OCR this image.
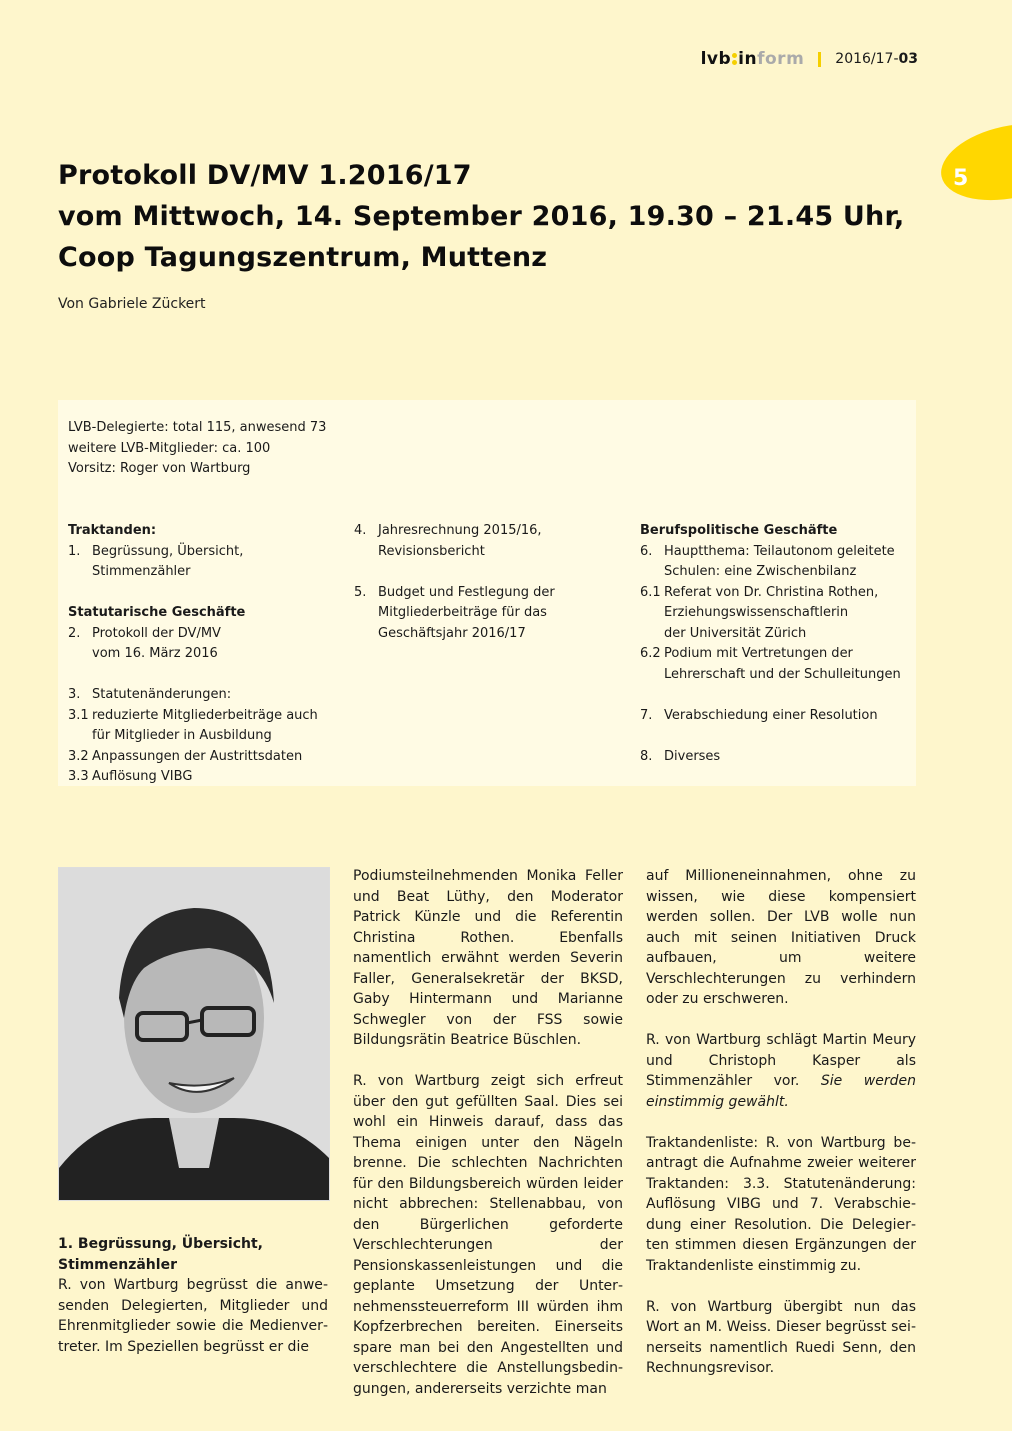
lvb in form 2016/17-03
5
Protokoll DV/MV 1.2016/17
vom Mittwoch, 14. September 2016, 19.30 – 21.45 Uhr,
Coop Tagungszentrum, Muttenz
Von Gabriele Zückert
LVB-Delegierte: total 115, anwesend 73
weitere LVB-Mitglieder: ca. 100
Vorsitz: Roger von Wartburg
Traktanden:
1. Begrüssung, Übersicht,
Stimmenzähler
Statutarische Geschäfte
2. Protokoll der DV/MV
vom 16. März 2016
3. Statutenänderungen:
3.1 reduzierte Mitgliederbeiträge auch
für Mitglieder in Ausbildung
3.2 Anpassungen der Austrittsdaten
3.3 Auflösung VIBG
4. Jahresrechnung 2015/16,
Revisionsbericht
5. Budget und Festlegung der
Mitgliederbeiträge für das
Geschäftsjahr 2016/17
Berufspolitische Geschäfte
6. Hauptthema: Teilautonom geleitete
Schulen: eine Zwischenbilanz
6.1 Referat von Dr. Christina Rothen,
Erziehungswissenschaftlerin
der Universität Zürich
6.2 Podium mit Vertretungen der
Lehrerschaft und der Schulleitungen
7. Verabschiedung einer Resolution
8. Diverses
1. Begrüssung, Übersicht,
Stimmenzähler

R. von Wartburg begrüsst die anwesenden Delegierten, Mitglieder und Ehrenmitglieder sowie die Medienvertreter. Im Speziellen begrüsst er die

Podiumsteilnehmenden Monika Feller und Beat Lüthy, den Moderator Patrick Künzle und die Referentin Christina Rothen. Ebenfalls namentlich erwähnt werden Severin Faller, Generalsekretär der BKSD, Gaby Hintermann und Marianne Schwegler von der FSS sowie Bildungsrätin Beatrice Büschlen.

R. von Wartburg zeigt sich erfreut über den gut gefüllten Saal. Dies sei wohl ein Hinweis darauf, dass das Thema einigen unter den Nägeln brenne. Die schlechten Nachrichten für den Bildungsbereich würden leider nicht abbrechen: Stellenabbau, von den Bürgerlichen geforderte Verschlechterungen der Pensionskassenleistungen und die geplante Umsetzung der Unternehmenssteuerreform III würden ihm Kopfzerbrechen bereiten. Einerseits spare man bei den Angestellten und verschlechtere die Anstellungsbedingungen, andererseits verzichte man

auf Millioneneinnahmen, ohne zu wissen, wie diese kompensiert werden sollen. Der LVB wolle nun auch mit seinen Initiativen Druck aufbauen, um weitere Verschlechterungen zu verhindern oder zu erschweren.

R. von Wartburg schlägt Martin Meury und Christoph Kasper als Stimmenzähler vor. Sie werden einstimmig gewählt.

Traktandenliste: R. von Wartburg beantragt die Aufnahme zweier weiterer Traktanden: 3.3. Statutenänderung: Auflösung VIBG und 7. Verabschiedung einer Resolution. Die Delegierten stimmen diesen Ergänzungen der Traktandenliste einstimmig zu.

R. von Wartburg übergibt nun das Wort an M. Weiss. Dieser begrüsst seinerseits namentlich Ruedi Senn, den Rechnungsrevisor.
